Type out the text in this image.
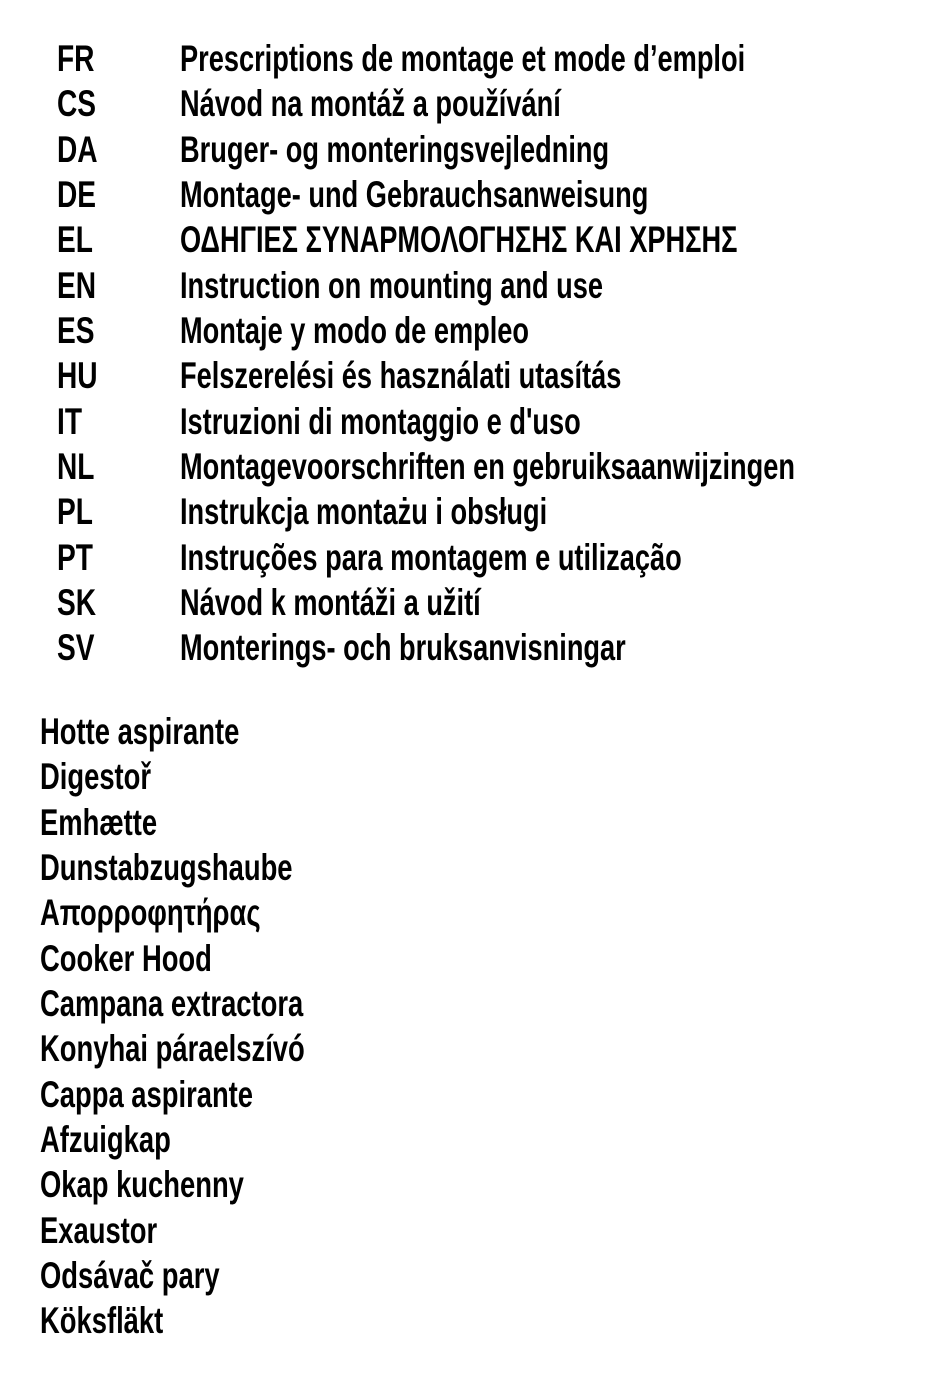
FR Prescriptions de montage et mode d’emploi
CS Návod na montáž a používání
DA Bruger- og monteringsvejledning
DE Montage- und Gebrauchsanweisung
EL ΟΔΗΓΙΕΣ ΣΥΝΑΡΜΟΛΟΓΗΣΗΣ ΚΑΙ ΧΡΗΣΗΣ
EN Instruction on mounting and use
ES Montaje y modo de empleo
HU Felszerelési és használati utasítás
IT	Istruzioni di montaggio e d'uso
NL Montagevoorschriften en gebruiksaanwijzingen
PL Instrukcja montażu i obsługi
PT Instruções para montagem e utilização
SK Návod k montáži a užití
SV Monterings- och bruksanvisningar
Hotte aspirante
Digestoř
Emhætte
Dunstabzugshaube
Απορροφητήρας
Cooker Hood
Campana extractora
Konyhai páraelszívó
Cappa aspirante
Afzuigkap
Okap kuchenny
Exaustor
Odsávač pary
Köksfläkt
